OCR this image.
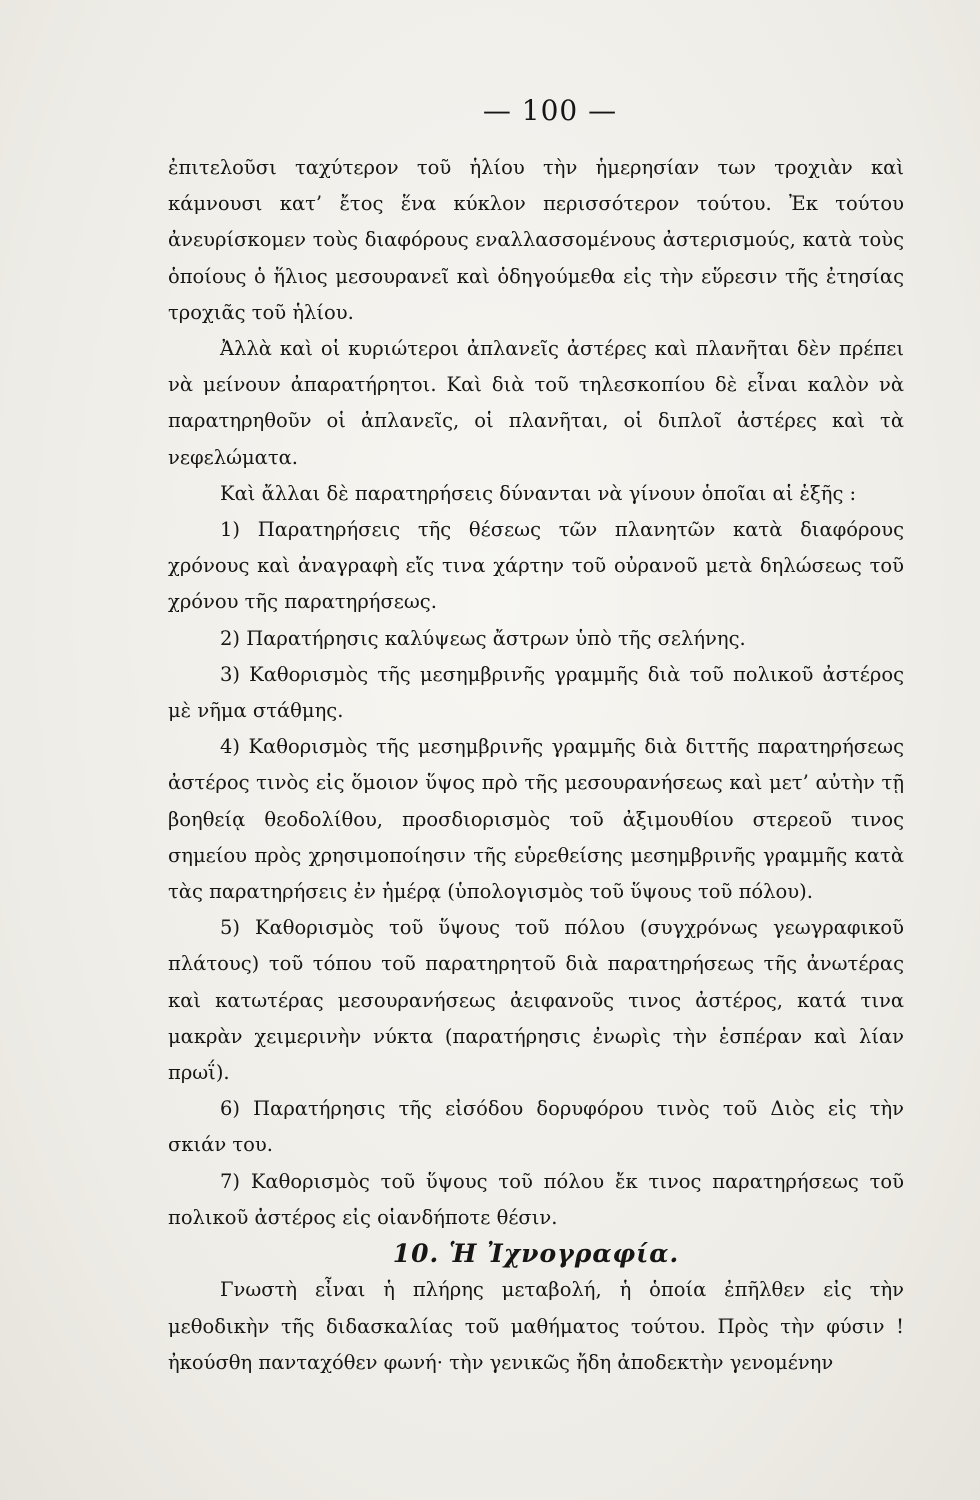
— 100 —

ἐπιτελοῦσι ταχύτερον τοῦ ἡλίου τὴν ἡμερησίαν των τροχιὰν καὶ κάμνουσι κατ’ ἔτος ἕνα κύκλον περισσότερον τούτου. Ἐκ τούτου ἀνευρίσκομεν τοὺς διαφόρους εναλλασσομένους ἀστερισμούς, κατὰ τοὺς ὁποίους ὁ ἥλιος μεσουρανεῖ καὶ ὁδηγούμεθα εἰς τὴν εὕρεσιν τῆς ἐτησίας τροχιᾶς τοῦ ἡλίου.

Ἀλλὰ καὶ οἱ κυριώτεροι ἀπλανεῖς ἀστέρες καὶ πλανῆται δὲν πρέπει νὰ μείνουν ἀπαρατήρητοι. Καὶ διὰ τοῦ τηλεσκοπίου δὲ εἶναι καλὸν νὰ παρατηρηθοῦν οἱ ἀπλανεῖς, οἱ πλανῆται, οἱ διπλοῖ ἀστέρες καὶ τὰ νεφελώματα.

Καὶ ἄλλαι δὲ παρατηρήσεις δύνανται νὰ γίνουν ὁποῖαι αἱ ἑξῆς :

1) Παρατηρήσεις τῆς θέσεως τῶν πλανητῶν κατὰ διαφόρους χρόνους καὶ ἀναγραφὴ εἴς τινα χάρτην τοῦ οὐρανοῦ μετὰ δηλώσεως τοῦ χρόνου τῆς παρατηρήσεως.

2) Παρατήρησις καλύψεως ἄστρων ὑπὸ τῆς σελήνης.

3) Καθορισμὸς τῆς μεσημβρινῆς γραμμῆς διὰ τοῦ πολικοῦ ἀστέρος μὲ νῆμα στάθμης.

4) Καθορισμὸς τῆς μεσημβρινῆς γραμμῆς διὰ διττῆς παρατηρήσεως ἀστέρος τινὸς εἰς ὅμοιον ὕψος πρὸ τῆς μεσουρανήσεως καὶ μετ’ αὐτὴν τῇ βοηθείᾳ θεοδολίθου, προσδιορισμὸς τοῦ ἀξιμουθίου στερεοῦ τινος σημείου πρὸς χρησιμοποίησιν τῆς εὑρεθείσης μεσημβρινῆς γραμμῆς κατὰ τὰς παρατηρήσεις ἐν ἡμέρᾳ (ὑπολογισμὸς τοῦ ὕψους τοῦ πόλου).

5) Καθορισμὸς τοῦ ὕψους τοῦ πόλου (συγχρόνως γεωγραφικοῦ πλάτους) τοῦ τόπου τοῦ παρατηρητοῦ διὰ παρατηρήσεως τῆς ἀνωτέρας καὶ κατωτέρας μεσουρανήσεως ἀειφανοῦς τινος ἀστέρος, κατά τινα μακρὰν χειμερινὴν νύκτα (παρατήρησις ἐνωρὶς τὴν ἑσπέραν καὶ λίαν πρωΐ).

6) Παρατήρησις τῆς εἰσόδου δορυφόρου τινὸς τοῦ Διὸς εἰς τὴν σκιάν του.

7) Καθορισμὸς τοῦ ὕψους τοῦ πόλου ἔκ τινος παρατηρήσεως τοῦ πολικοῦ ἀστέρος εἰς οἱανδήποτε θέσιν.

10. Ἡ Ἰχνογραφία.

Γνωστὴ εἶναι ἡ πλήρης μεταβολή, ἡ ὁποία ἐπῆλθεν εἰς τὴν μεθοδικὴν τῆς διδασκαλίας τοῦ μαθήματος τούτου. Πρὸς τὴν φύσιν ! ἠκούσθη πανταχόθεν φωνή· τὴν γενικῶς ἤδη ἀποδεκτὴν γενομένην
